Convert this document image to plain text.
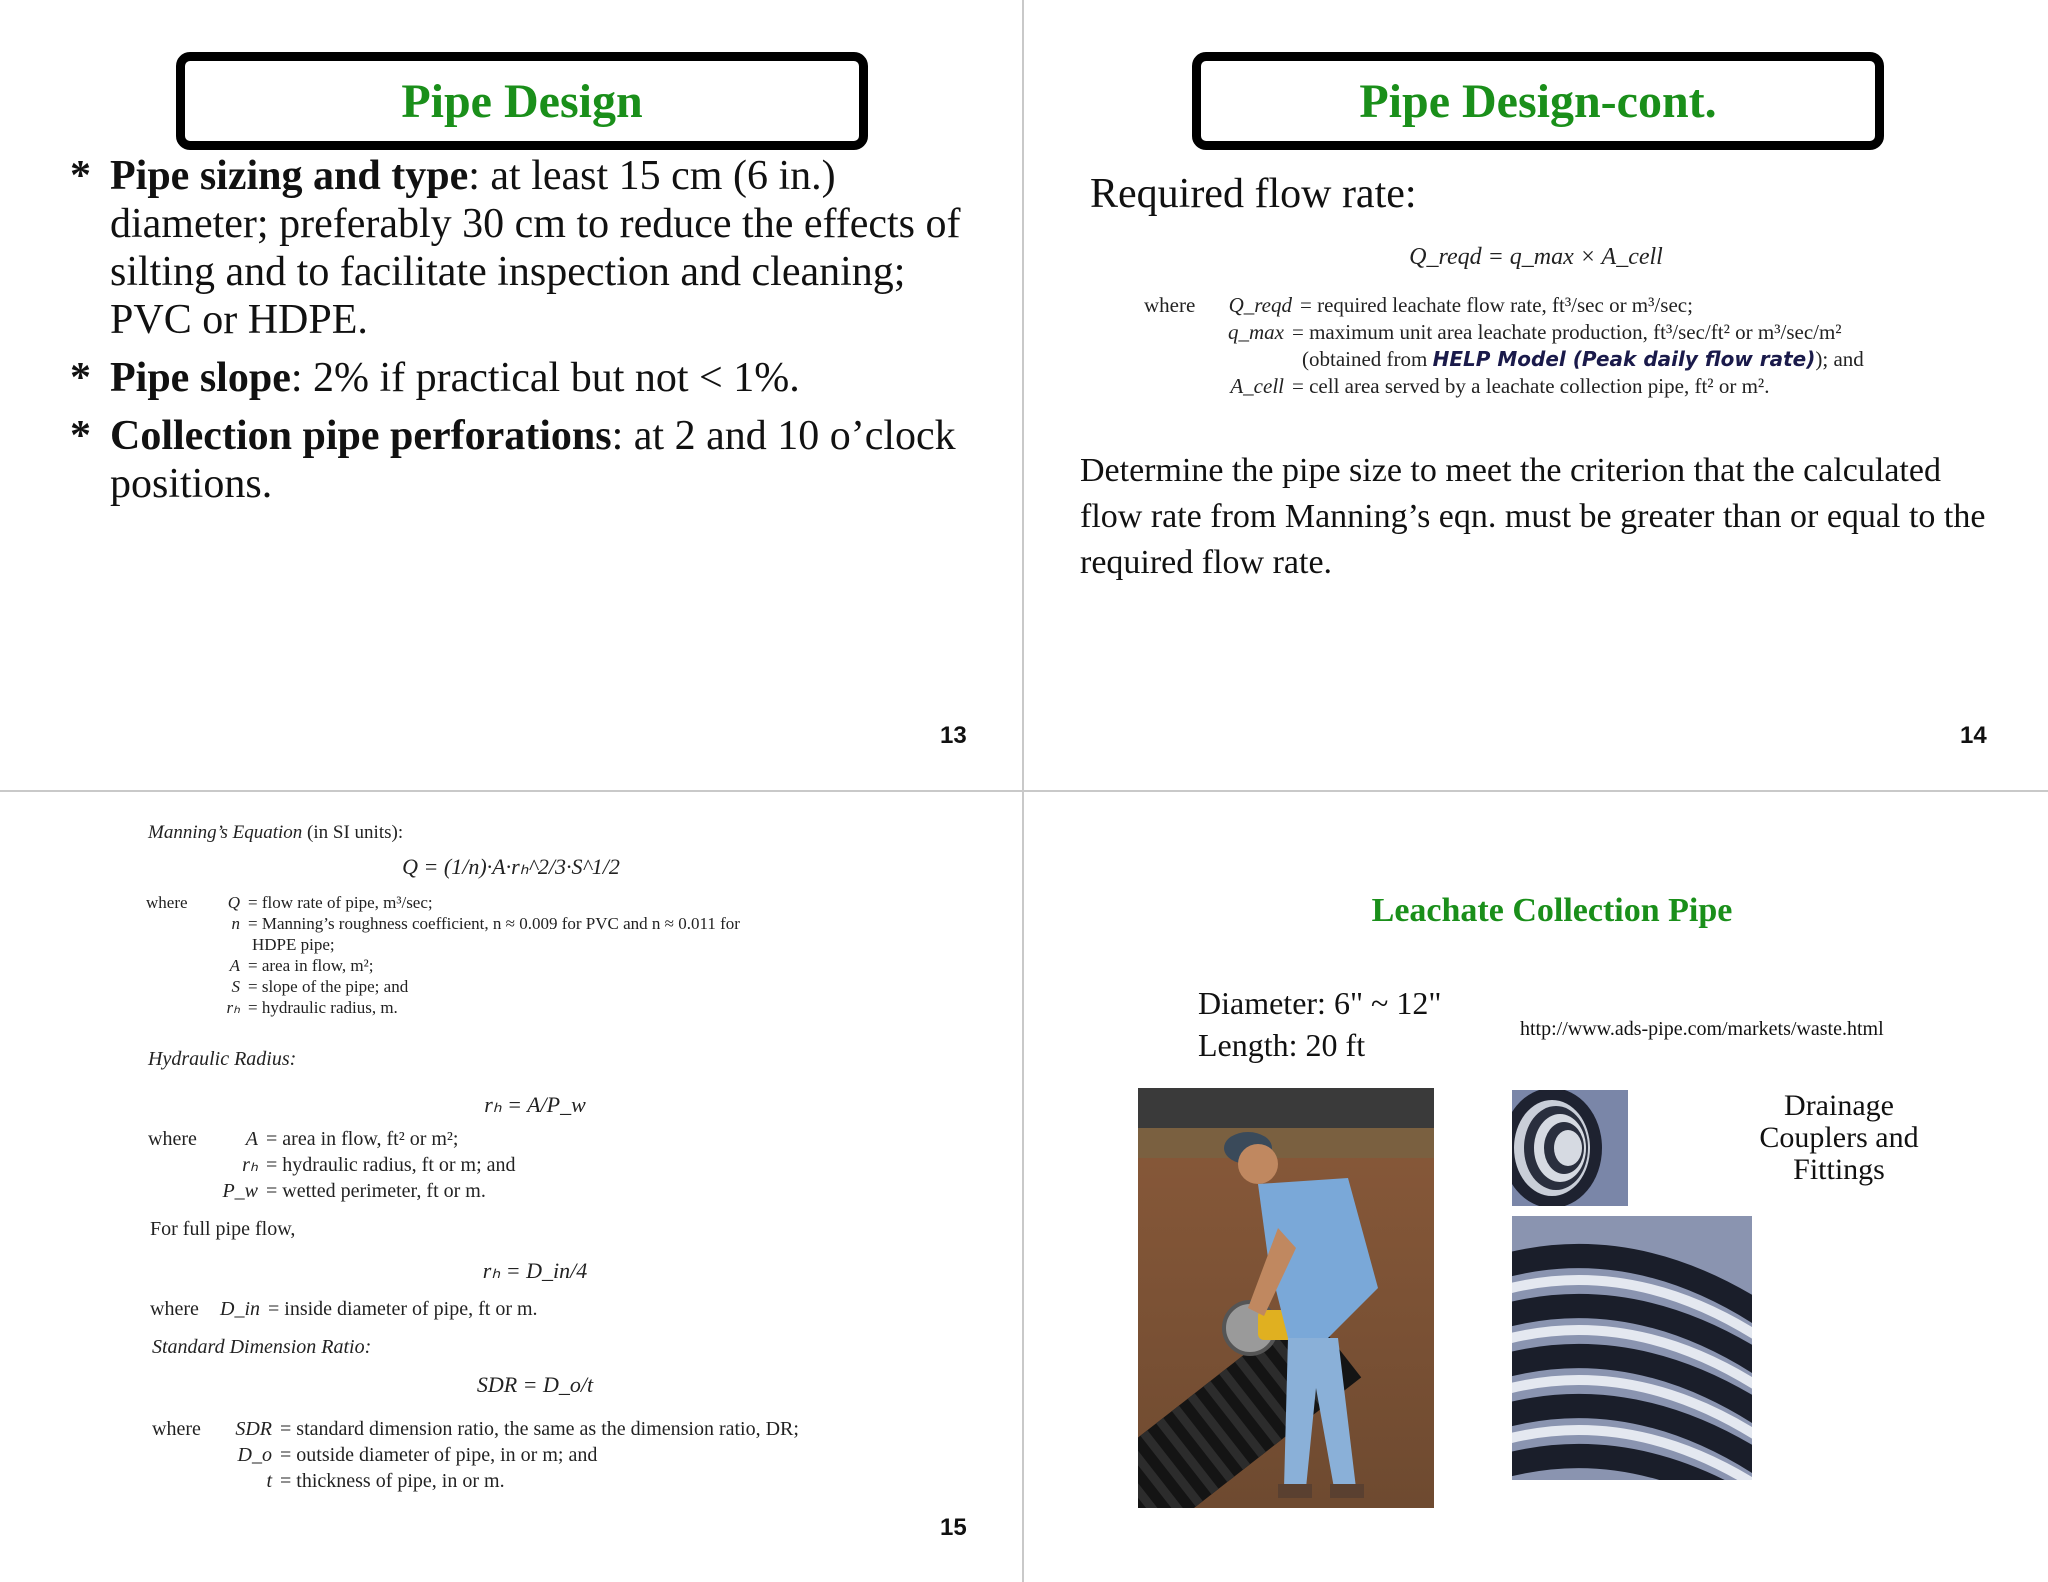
Pipe Design
* Pipe sizing and type: at least 15 cm (6 in.) diameter; preferably 30 cm to reduce the effects of silting and to facilitate inspection and cleaning; PVC or HDPE.
* Pipe slope: 2% if practical but not < 1%.
* Collection pipe perforations: at 2 and 10 o’clock positions.
13
Pipe Design-cont.
Required flow rate:
Q_reqd = q_max × A_cell
where	Q_reqd = required leachate flow rate, ft³/sec or m³/sec;
q_max = maximum unit area leachate production, ft³/sec/ft² or m³/sec/m²
(obtained from HELP Model (Peak daily flow rate)); and
A_cell = cell area served by a leachate collection pipe, ft² or m².
Determine the pipe size to meet the criterion that the calculated flow rate from Manning’s eqn. must be greater than or equal to the required flow rate.
14
Manning’s Equation (in SI units):
Q = (1/n)·A·rₕ^2/3·S^1/2
where	Q = flow rate of pipe, m³/sec;
n = Manning’s roughness coefficient, n ≈ 0.009 for PVC and n ≈ 0.011 for
HDPE pipe;
A = area in flow, m²;
S = slope of the pipe; and
rₕ = hydraulic radius, m.
Hydraulic Radius:
rₕ = A/P_w
where	A = area in flow, ft² or m²;
rₕ = hydraulic radius, ft or m; and
P_w = wetted perimeter, ft or m.
For full pipe flow,
rₕ = D_in/4
where	D_in = inside diameter of pipe, ft or m.
Standard Dimension Ratio:
SDR = D_o/t
where	SDR = standard dimension ratio, the same as the dimension ratio, DR;
D_o = outside diameter of pipe, in or m; and
t = thickness of pipe, in or m.
15
Leachate Collection Pipe
Diameter: 6" ~ 12"
Length: 20 ft	http://www.ads-pipe.com/markets/waste.html
Drainage
Couplers and
Fittings
